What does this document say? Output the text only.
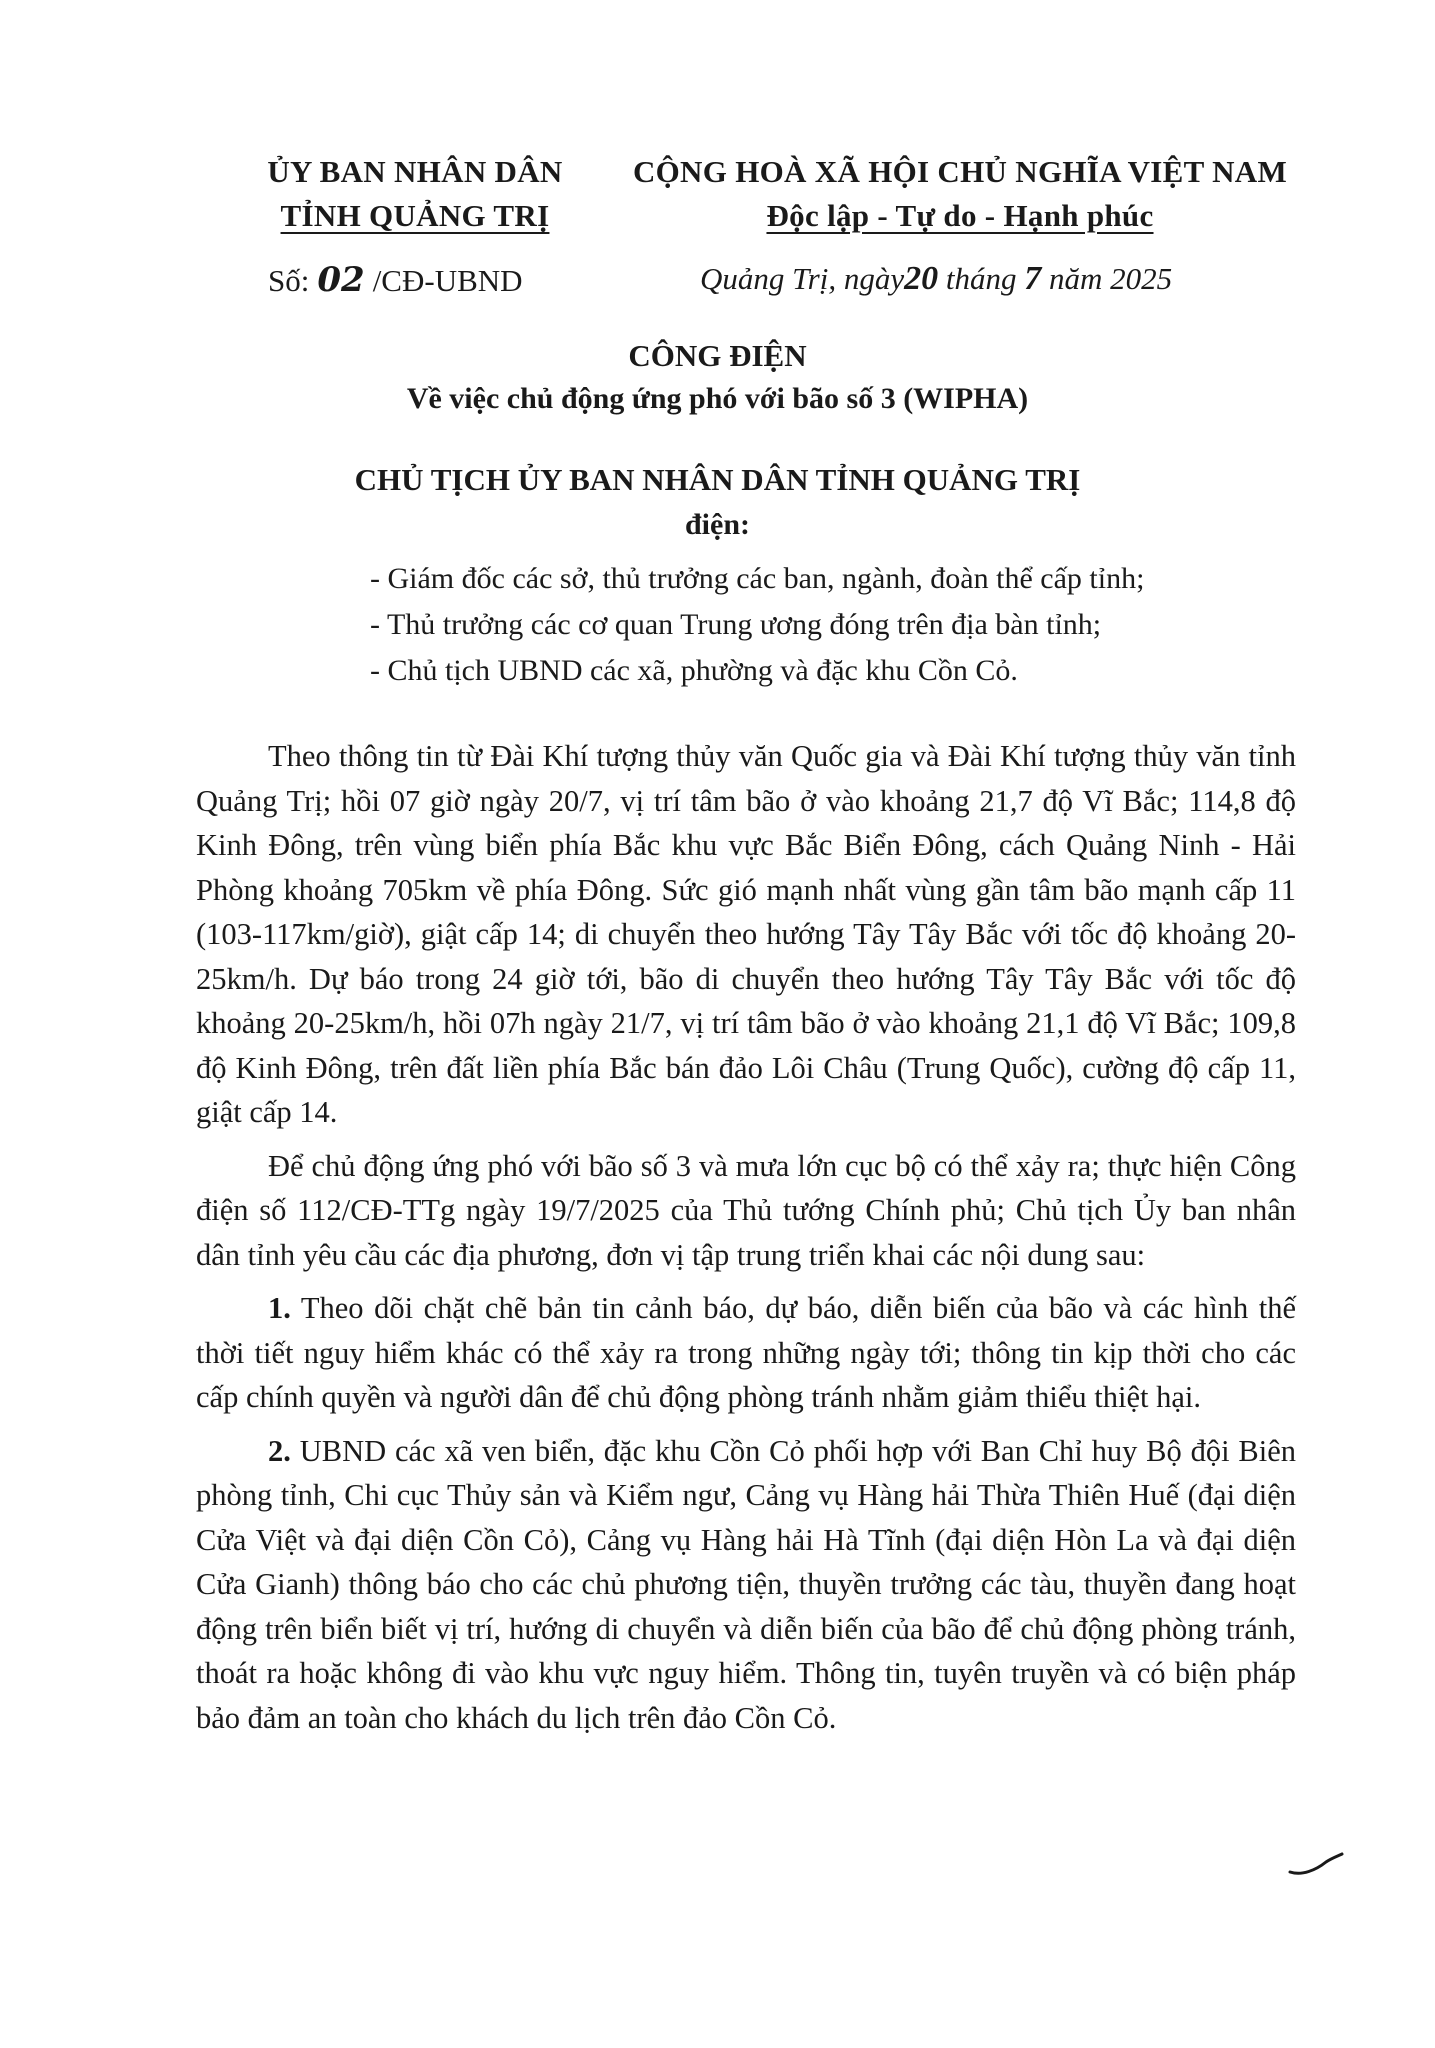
ỦY BAN NHÂN DÂN
TỈNH QUẢNG TRỊ
CỘNG HOÀ XÃ HỘI CHỦ NGHĨA VIỆT NAM
Độc lập - Tự do - Hạnh phúc
Số: 02 /CĐ-UBND	Quảng Trị, ngày20 tháng 7 năm 2025
CÔNG ĐIỆN
Về việc chủ động ứng phó với bão số 3 (WIPHA)
CHỦ TỊCH ỦY BAN NHÂN DÂN TỈNH QUẢNG TRỊ
điện:
- Giám đốc các sở, thủ trưởng các ban, ngành, đoàn thể cấp tỉnh;
- Thủ trưởng các cơ quan Trung ương đóng trên địa bàn tỉnh;
- Chủ tịch UBND các xã, phường và đặc khu Cồn Cỏ.

Theo thông tin từ Đài Khí tượng thủy văn Quốc gia và Đài Khí tượng thủy văn tỉnh Quảng Trị; hồi 07 giờ ngày 20/7, vị trí tâm bão ở vào khoảng 21,7 độ Vĩ Bắc; 114,8 độ Kinh Đông, trên vùng biển phía Bắc khu vực Bắc Biển Đông, cách Quảng Ninh - Hải Phòng khoảng 705km về phía Đông. Sức gió mạnh nhất vùng gần tâm bão mạnh cấp 11 (103-117km/giờ), giật cấp 14; di chuyển theo hướng Tây Tây Bắc với tốc độ khoảng 20-25km/h. Dự báo trong 24 giờ tới, bão di chuyển theo hướng Tây Tây Bắc với tốc độ khoảng 20-25km/h, hồi 07h ngày 21/7, vị trí tâm bão ở vào khoảng 21,1 độ Vĩ Bắc; 109,8 độ Kinh Đông, trên đất liền phía Bắc bán đảo Lôi Châu (Trung Quốc), cường độ cấp 11, giật cấp 14.

Để chủ động ứng phó với bão số 3 và mưa lớn cục bộ có thể xảy ra; thực hiện Công điện số 112/CĐ-TTg ngày 19/7/2025 của Thủ tướng Chính phủ; Chủ tịch Ủy ban nhân dân tỉnh yêu cầu các địa phương, đơn vị tập trung triển khai các nội dung sau:

1. Theo dõi chặt chẽ bản tin cảnh báo, dự báo, diễn biến của bão và các hình thế thời tiết nguy hiểm khác có thể xảy ra trong những ngày tới; thông tin kịp thời cho các cấp chính quyền và người dân để chủ động phòng tránh nhằm giảm thiểu thiệt hại.

2. UBND các xã ven biển, đặc khu Cồn Cỏ phối hợp với Ban Chỉ huy Bộ đội Biên phòng tỉnh, Chi cục Thủy sản và Kiểm ngư, Cảng vụ Hàng hải Thừa Thiên Huế (đại diện Cửa Việt và đại diện Cồn Cỏ), Cảng vụ Hàng hải Hà Tĩnh (đại diện Hòn La và đại diện Cửa Gianh) thông báo cho các chủ phương tiện, thuyền trưởng các tàu, thuyền đang hoạt động trên biển biết vị trí, hướng di chuyển và diễn biến của bão để chủ động phòng tránh, thoát ra hoặc không đi vào khu vực nguy hiểm. Thông tin, tuyên truyền và có biện pháp bảo đảm an toàn cho khách du lịch trên đảo Cồn Cỏ.
